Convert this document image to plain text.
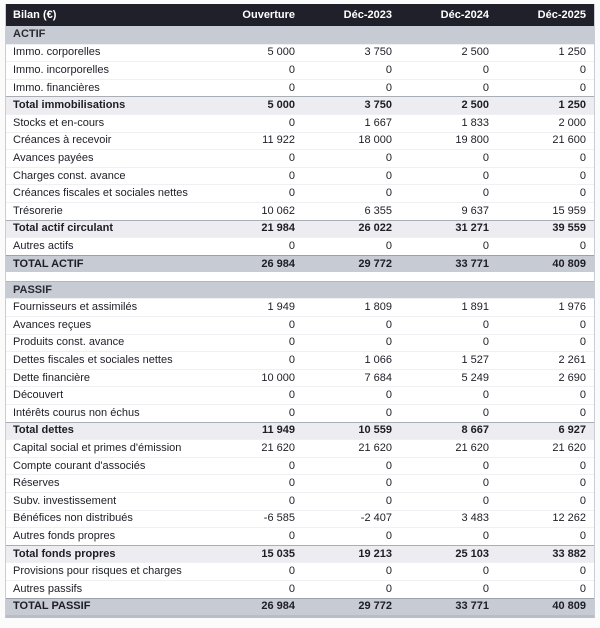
Bilan (€)	Ouverture	Déc-2023	Déc-2024	Déc-2025
ACTIF
Immo. corporelles	5 000	3 750	2 500	1 250
Immo. incorporelles	0	0	0	0
Immo. financières	0	0	0	0
Total immobilisations	5 000	3 750	2 500	1 250
Stocks et en-cours	0	1 667	1 833	2 000
Créances à recevoir	11 922	18 000	19 800	21 600
Avances payées	0	0	0	0
Charges const. avance	0	0	0	0
Créances fiscales et sociales nettes	0	0	0	0
Trésorerie	10 062	6 355	9 637	15 959
Total actif circulant	21 984	26 022	31 271	39 559
Autres actifs	0	0	0	0
TOTAL ACTIF	26 984	29 772	33 771	40 809
PASSIF
Fournisseurs et assimilés	1 949	1 809	1 891	1 976
Avances reçues	0	0	0	0
Produits const. avance	0	0	0	0
Dettes fiscales et sociales nettes	0	1 066	1 527	2 261
Dette financière	10 000	7 684	5 249	2 690
Découvert	0	0	0	0
Intérêts courus non échus	0	0	0	0
Total dettes	11 949	10 559	8 667	6 927
Capital social et primes d'émission	21 620	21 620	21 620	21 620
Compte courant d'associés	0	0	0	0
Réserves	0	0	0	0
Subv. investissement	0	0	0	0
Bénéfices non distribués	-6 585	-2 407	3 483	12 262
Autres fonds propres	0	0	0	0
Total fonds propres	15 035	19 213	25 103	33 882
Provisions pour risques et charges	0	0	0	0
Autres passifs	0	0	0	0
TOTAL PASSIF	26 984	29 772	33 771	40 809
